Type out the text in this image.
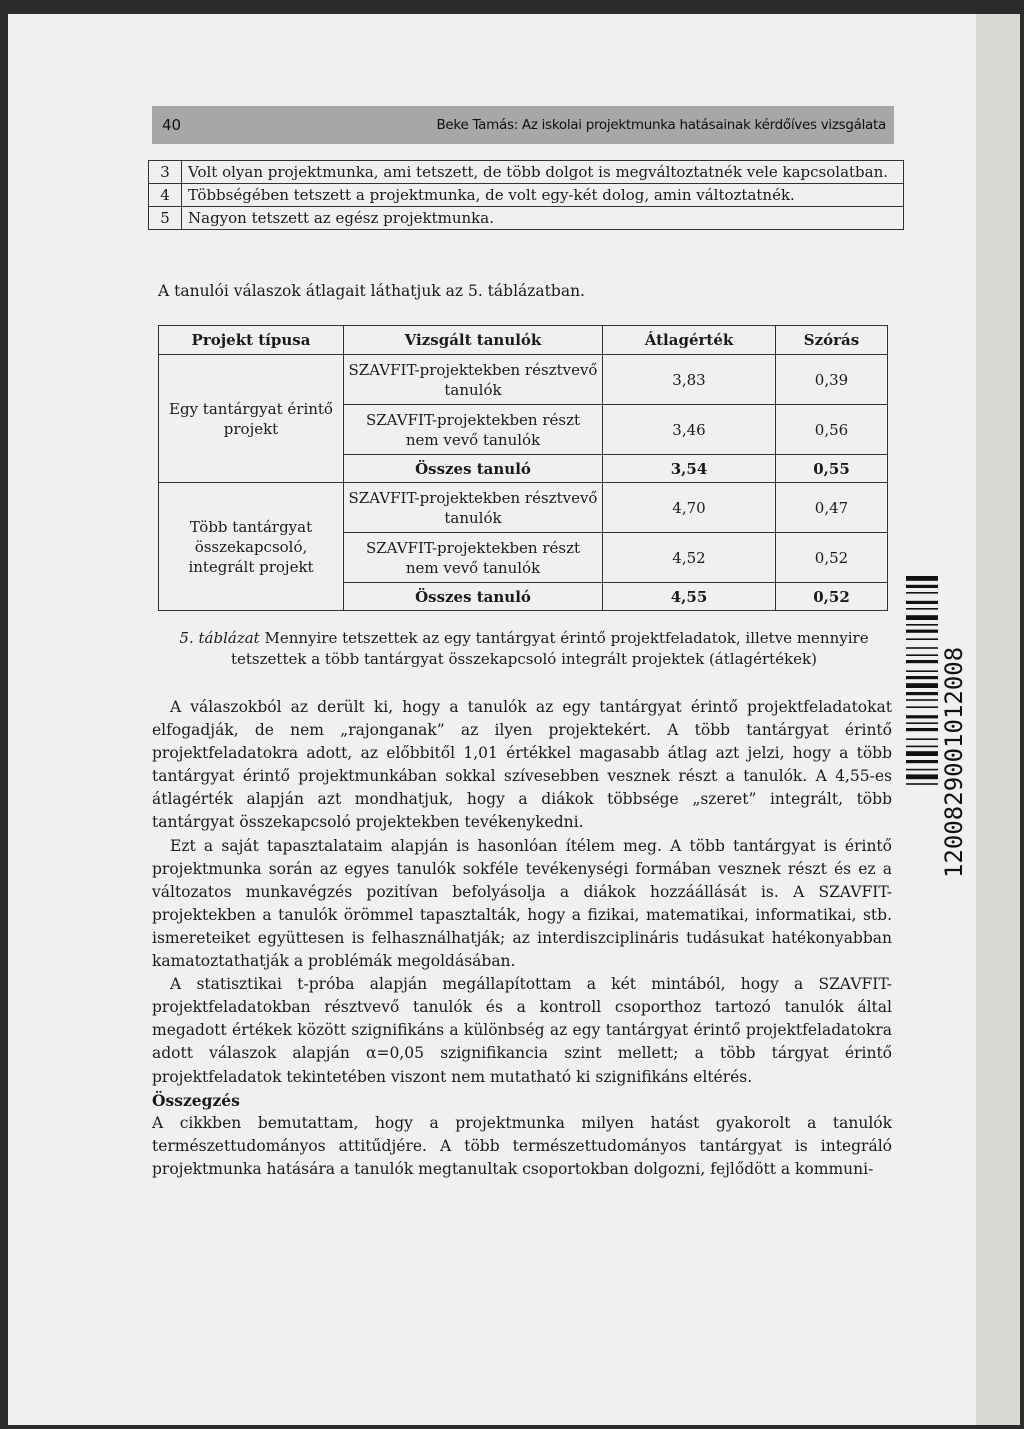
40	Beke Tamás: Az iskolai projektmunka hatásainak kérdőíves vizsgálata
3	Volt olyan projektmunka, ami tetszett, de több dolgot is megváltoztatnék vele kapcsolatban.
4	Többségében tetszett a projektmunka, de volt egy-két dolog, amin változtatnék.
5	Nagyon tetszett az egész projektmunka.
A tanulói válaszok átlagait láthatjuk az 5. táblázatban.
Projekt típusa	Vizsgált tanulók	Átlagérték	Szórás
Egy tantárgyat érintő projekt	SZAVFIT-projektekben résztvevő tanulók	3,83	0,39
	SZAVFIT-projektekben részt nem vevő tanulók	3,46	0,56
	Összes tanuló	3,54	0,55
Több tantárgyat összekapcsoló, integrált projekt	SZAVFIT-projektekben résztvevő tanulók	4,70	0,47
	SZAVFIT-projektekben részt nem vevő tanulók	4,52	0,52
	Összes tanuló	4,55	0,52
5. táblázat Mennyire tetszettek az egy tantárgyat érintő projektfeladatok, illetve mennyire tetszettek a több tantárgyat összekapcsoló integrált projektek (átlagértékek)

A válaszokból az derült ki, hogy a tanulók az egy tantárgyat érintő projektfeladatokat elfogadják, de nem „rajonganak” az ilyen projektekért. A több tantárgyat érintő projektfeladatokra adott, az előbbitől 1,01 értékkel magasabb átlag azt jelzi, hogy a több tantárgyat érintő projektmunkában sokkal szívesebben vesznek részt a tanulók. A 4,55-es átlagérték alapján azt mondhatjuk, hogy a diákok többsége „szeret” integrált, több tantárgyat összekapcsoló projektekben tevékenykedni.

Ezt a saját tapasztalataim alapján is hasonlóan ítélem meg. A több tantárgyat is érintő projektmunka során az egyes tanulók sokféle tevékenységi formában vesznek részt és ez a változatos munkavégzés pozitívan befolyásolja a diákok hozzáállását is. A SZAVFIT-projektekben a tanulók örömmel tapasztalták, hogy a fizikai, matematikai, informatikai, stb. ismereteiket együttesen is felhasználhatják; az interdiszciplináris tudásukat hatékonyabban kamatoztathatják a problémák megoldásában.

A statisztikai t-próba alapján megállapítottam a két mintából, hogy a SZAVFIT-projektfeladatokban résztvevő tanulók és a kontroll csoporthoz tartozó tanulók által megadott értékek között szignifikáns a különbség az egy tantárgyat érintő projektfeladatokra adott válaszok alapján α=0,05 szignifikancia szint mellett; a több tárgyat érintő projektfeladatok tekintetében viszont nem mutatható ki szignifikáns eltérés.

Összegzés

A cikkben bemutattam, hogy a projektmunka milyen hatást gyakorolt a tanulók természettudományos attitűdjére. A több természettudományos tantárgyat is integráló projektmunka hatására a tanulók megtanultak csoportokban dolgozni, fejlődött a kommuni-

1200829001012008
